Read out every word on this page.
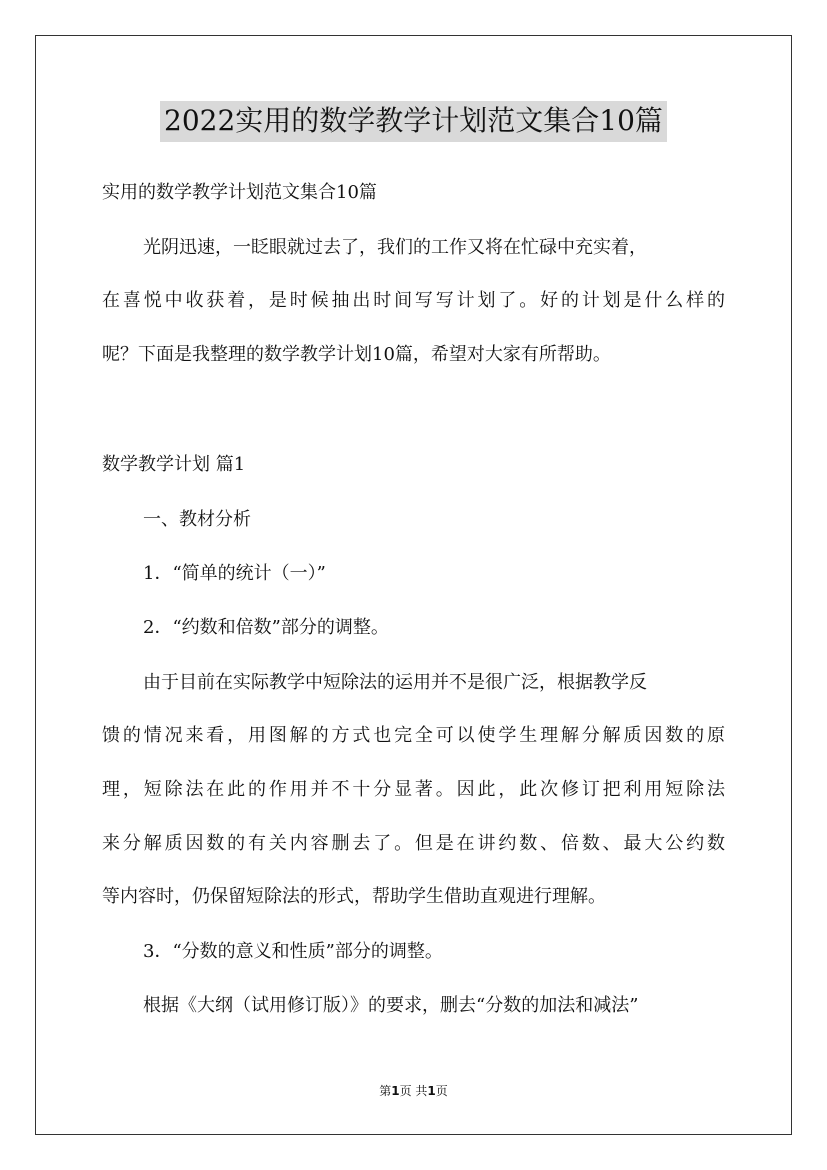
2022实用的数学教学计划范文集合10篇

实用的数学教学计划范文集合10篇

光阴迅速，一眨眼就过去了，我们的工作又将在忙碌中充实着，

在喜悦中收获着，是时候抽出时间写写计划了。好的计划是什么样的

呢？下面是我整理的数学教学计划10篇，希望对大家有所帮助。

数学教学计划 篇1

一、教材分析

1．“简单的统计（一）”

2．“约数和倍数”部分的调整。

由于目前在实际教学中短除法的运用并不是很广泛，根据教学反

馈的情况来看，用图解的方式也完全可以使学生理解分解质因数的原

理，短除法在此的作用并不十分显著。因此，此次修订把利用短除法

来分解质因数的有关内容删去了。但是在讲约数、倍数、最大公约数

等内容时，仍保留短除法的形式，帮助学生借助直观进行理解。

3．“分数的意义和性质”部分的调整。

根据《大纲（试用修订版）》的要求，删去“分数的加法和减法”

第1页 共1页
